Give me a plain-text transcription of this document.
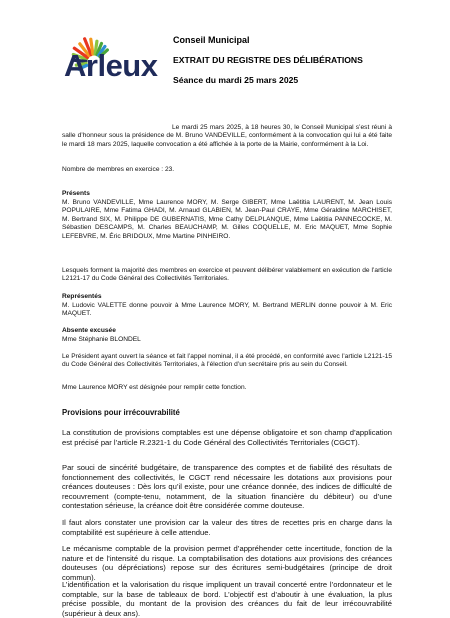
Arleux
Conseil Municipal
EXTRAIT DU REGISTRE DES DÉLIBÉRATIONS
Séance du mardi 25 mars 2025

Le mardi 25 mars 2025, à 18 heures 30, le Conseil Municipal s’est réuni à salle d’honneur sous la présidence de M. Bruno VANDEVILLE, conformément à la convocation qui lui a été faite le mardi 18 mars 2025, laquelle convocation a été affichée à la porte de la Mairie, conformément à la Loi.

Nombre de membres en exercice : 23.

Présents

M. Bruno VANDEVILLE, Mme Laurence MORY, M. Serge GIBERT, Mme Laëtitia LAURENT, M. Jean Louis POPULAIRE, Mme Fatima GHADI, M. Arnaud GLABIEN, M. Jean-Paul CRAYE, Mme Géraldine MARCHISET, M. Bertrand SIX, M. Philippe DE GUBERNATIS, Mme Cathy DELPLANQUE, Mme Laëtitia PANNECOCKE, M. Sébastien DESCAMPS, M. Charles BEAUCHAMP, M. Gilles COQUELLE, M. Eric MAQUET, Mme Sophie LEFEBVRE, M. Éric BRIDOUX, Mme Martine PINHEIRO.

Lesquels forment la majorité des membres en exercice et peuvent délibérer valablement en exécution de l’article L2121-17 du Code Général des Collectivités Territoriales.

Représentés

M. Ludovic VALETTE donne pouvoir à Mme Laurence MORY, M. Bertrand MERLIN donne pouvoir à M. Eric MAQUET.

Absente excusée

Mme Stéphanie BLONDEL

Le Président ayant ouvert la séance et fait l’appel nominal, il a été procédé, en conformité avec l’article L2121-15 du Code Général des Collectivités Territoriales, à l’élection d’un secrétaire pris au sein du Conseil.

Mme Laurence MORY est désignée pour remplir cette fonction.

Provisions pour irrécouvrabilité

La constitution de provisions comptables est une dépense obligatoire et son champ d’application est précisé par l’article R.2321-1 du Code Général des Collectivités Territoriales (CGCT).

Par souci de sincérité budgétaire, de transparence des comptes et de fiabilité des résultats de fonctionnement des collectivités, le CGCT rend nécessaire les dotations aux provisions pour créances douteuses : Dès lors qu’il existe, pour une créance donnée, des indices de difficulté de recouvrement (compte-tenu, notamment, de la situation financière du débiteur) ou d’une contestation sérieuse, la créance doit être considérée comme douteuse.

Il faut alors constater une provision car la valeur des titres de recettes pris en charge dans la comptabilité est supérieure à celle attendue.

Le mécanisme comptable de la provision permet d’appréhender cette incertitude, fonction de la nature et de l’intensité du risque. La comptabilisation des dotations aux provisions des créances douteuses (ou dépréciations) repose sur des écritures semi-budgétaires (principe de droit commun).

L’identification et la valorisation du risque impliquent un travail concerté entre l’ordonnateur et le comptable, sur la base de tableaux de bord. L’objectif est d’aboutir à une évaluation, la plus précise possible, du montant de la provision des créances du fait de leur irrécouvrabilité (supérieur à deux ans).
